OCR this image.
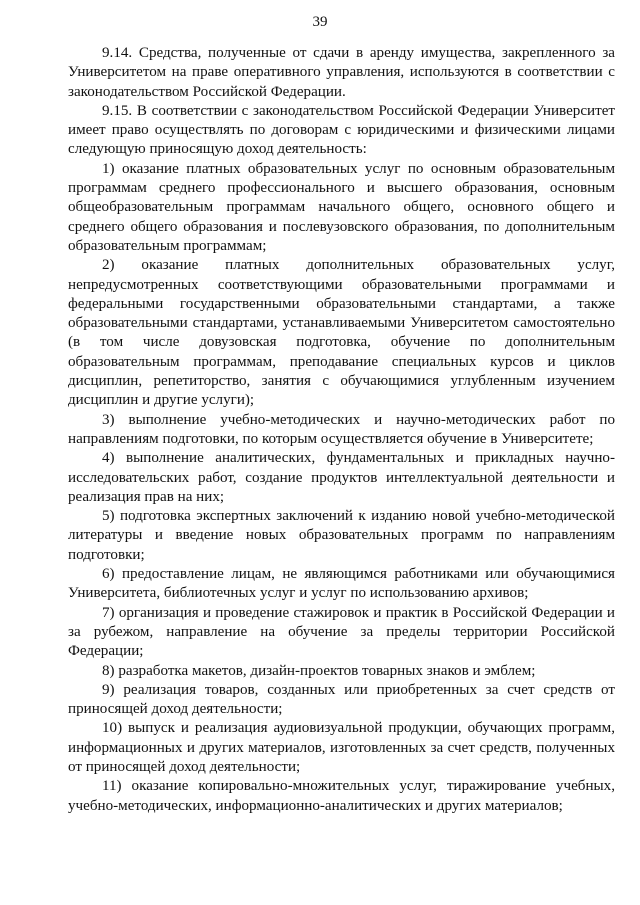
39

9.14. Средства, полученные от сдачи в аренду имущества, закрепленного за Университетом на праве оперативного управления, используются в соответствии с законодательством Российской Федерации.

9.15. В соответствии с законодательством Российской Федерации Университет имеет право осуществлять по договорам с юридическими и физическими лицами следующую приносящую доход деятельность:

1) оказание платных образовательных услуг по основным образовательным программам среднего профессионального и высшего образования, основным общеобразовательным программам начального общего, основного общего и среднего общего образования и послевузовского образования, по дополнительным образовательным программам;

2) оказание платных дополнительных образовательных услуг, непредусмотренных соответствующими образовательными программами и федеральными государственными образовательными стандартами, а также образовательными стандартами, устанавливаемыми Университетом самостоятельно (в том числе довузовская подготовка, обучение по дополнительным образовательным программам, преподавание специальных курсов и циклов дисциплин, репетиторство, занятия с обучающимися углубленным изучением дисциплин и другие услуги);

3) выполнение учебно-методических и научно-методических работ по направлениям подготовки, по которым осуществляется обучение в Университете;

4) выполнение аналитических, фундаментальных и прикладных научно-исследовательских работ, создание продуктов интеллектуальной деятельности и реализация прав на них;

5) подготовка экспертных заключений к изданию новой учебно-методической литературы и введение новых образовательных программ по направлениям подготовки;

6) предоставление лицам, не являющимся работниками или обучающимися Университета, библиотечных услуг и услуг по использованию архивов;

7) организация и проведение стажировок и практик в Российской Федерации и за рубежом, направление на обучение за пределы территории Российской Федерации;

8) разработка макетов, дизайн-проектов товарных знаков и эмблем;

9) реализация товаров, созданных или приобретенных за счет средств от приносящей доход деятельности;

10) выпуск и реализация аудиовизуальной продукции, обучающих программ, информационных и других материалов, изготовленных за счет средств, полученных от приносящей доход деятельности;

11) оказание копировально-множительных услуг, тиражирование учебных, учебно-методических, информационно-аналитических и других материалов;
